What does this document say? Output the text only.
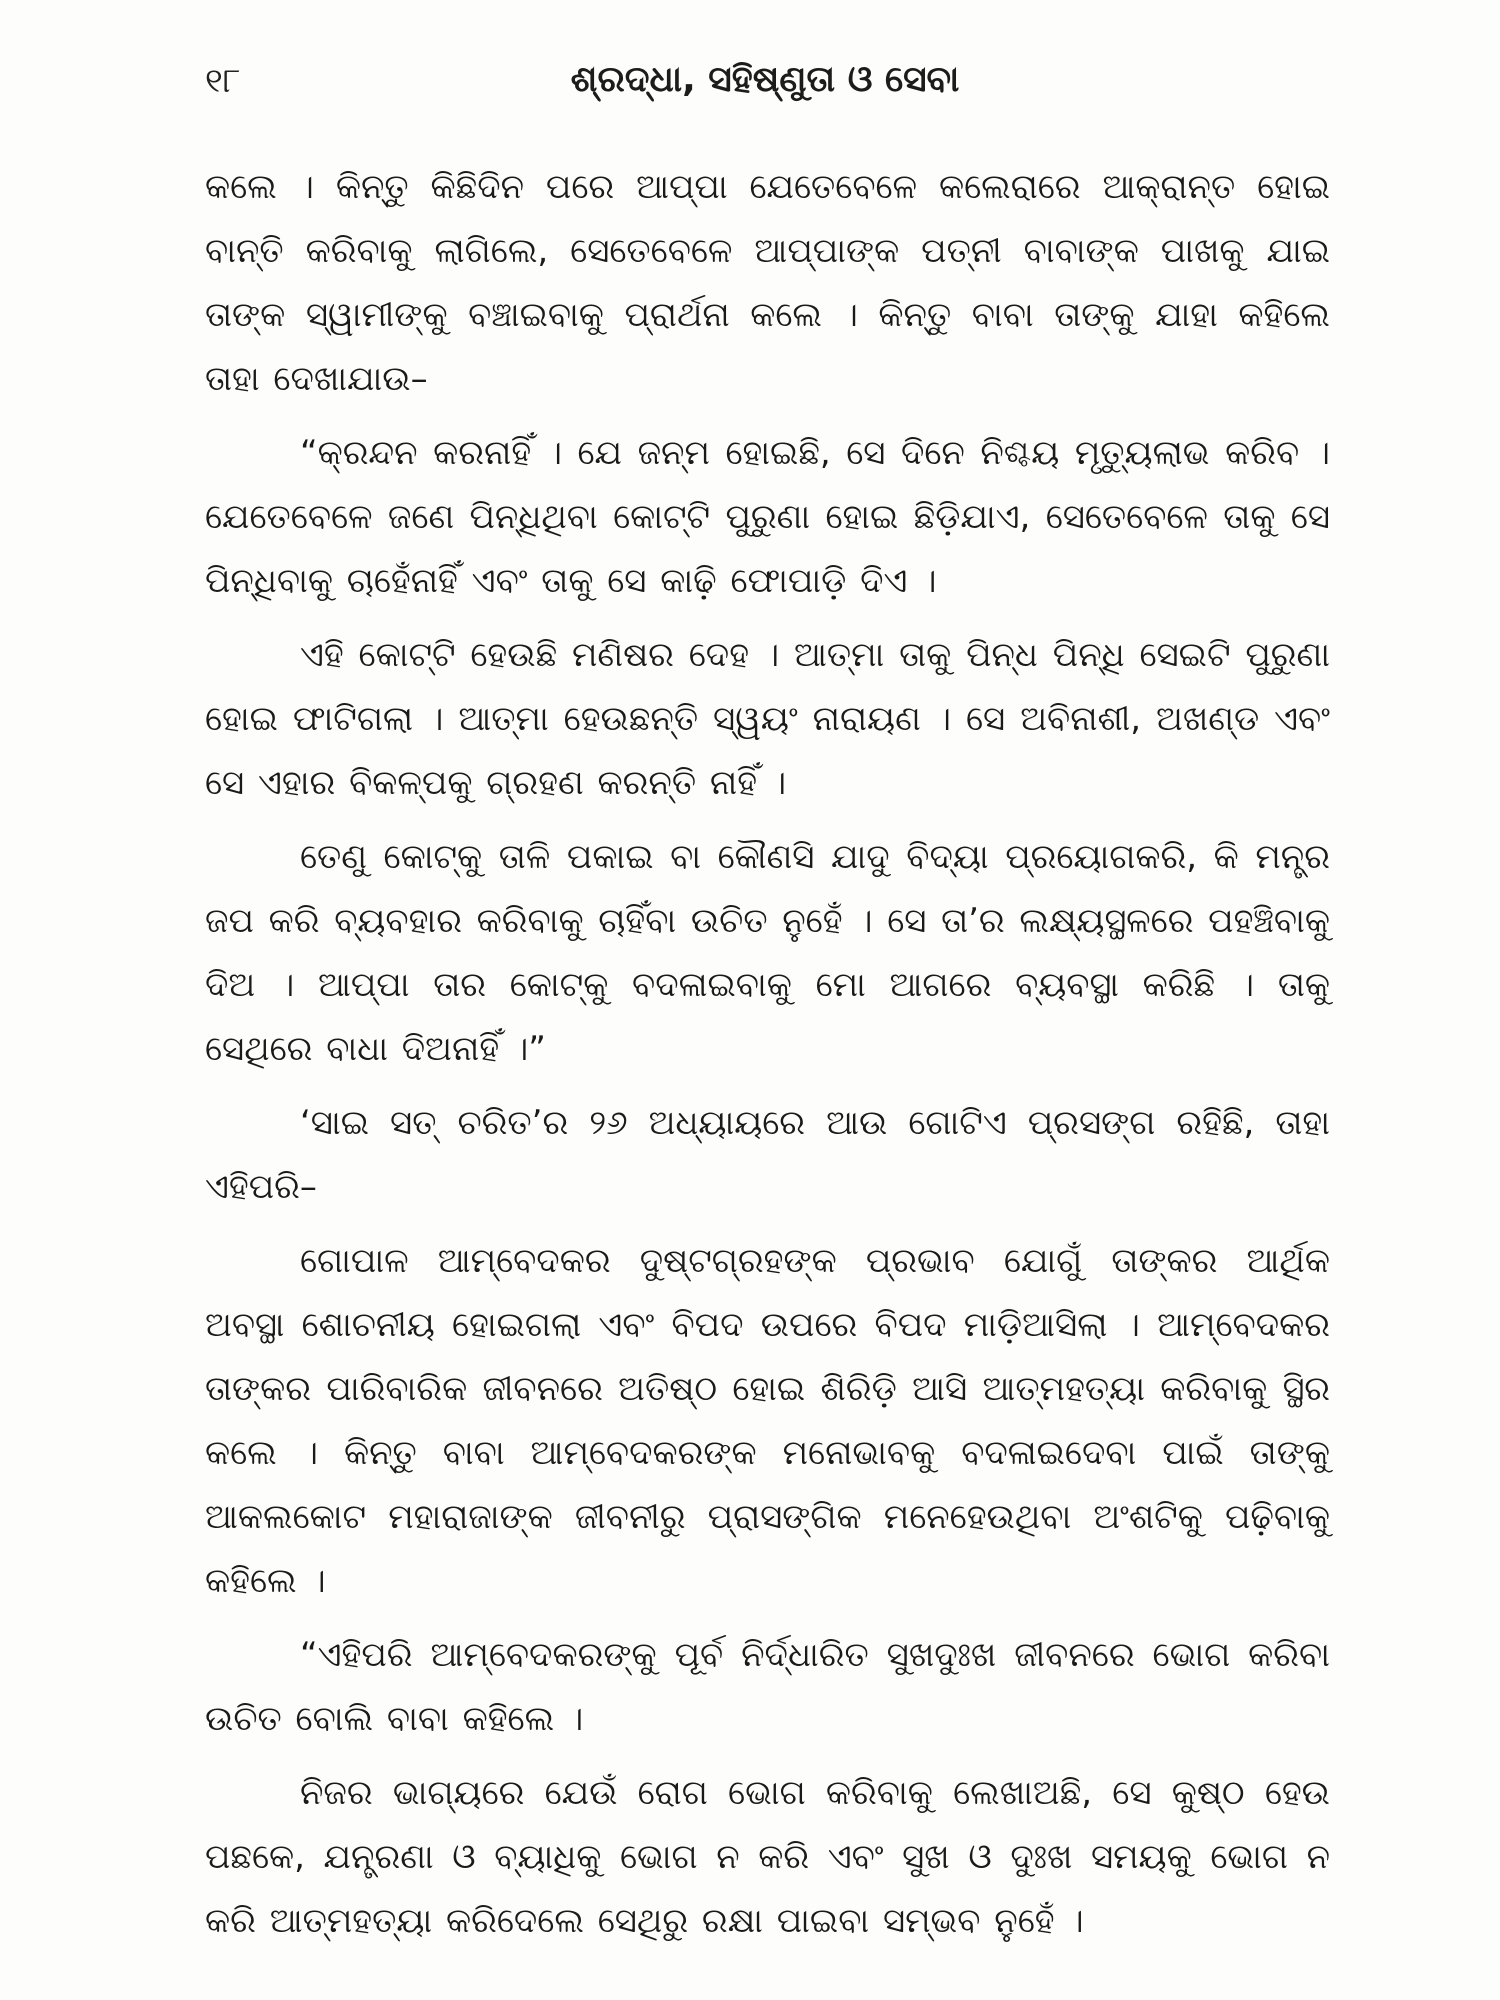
୧୮	ଶ୍ରଦ୍ଧା, ସହିଷ୍ଣୁତା ଓ ସେବା

କଲେ । କିନ୍ତୁ କିଛିଦିନ ପରେ ଆପ୍ପା ଯେତେବେଳେ କଲେରାରେ ଆକ୍ରାନ୍ତ ହୋଇ ବାନ୍ତି କରିବାକୁ ଲାଗିଲେ, ସେତେବେଳେ ଆପ୍ପାଙ୍କ ପତ୍ନୀ ବାବାଙ୍କ ପାଖକୁ ଯାଇ ତାଙ୍କ ସ୍ୱାମୀଙ୍କୁ ବଞ୍ଚାଇବାକୁ ପ୍ରାର୍ଥନା କଲେ । କିନ୍ତୁ ବାବା ତାଙ୍କୁ ଯାହା କହିଲେ ତାହା ଦେଖାଯାଉ–

“କ୍ରନ୍ଦନ କରନାହିଁ । ଯେ ଜନ୍ମ ହୋଇଛି, ସେ ଦିନେ ନିଶ୍ଚୟ ମୃତ୍ୟୁଲାଭ କରିବ । ଯେତେବେଳେ ଜଣେ ପିନ୍ଧିଥିବା କୋଟ୍‌ଟି ପୁରୁଣା ହୋଇ ଛିଡ଼ିଯାଏ, ସେତେବେଳେ ତାକୁ ସେ ପିନ୍ଧିବାକୁ ଚାହେଁନାହିଁ ଏବଂ ତାକୁ ସେ କାଢ଼ି ଫୋପାଡ଼ି ଦିଏ ।

ଏହି କୋଟ୍‌ଟି ହେଉଛି ମଣିଷର ଦେହ । ଆତ୍ମା ତାକୁ ପିନ୍ଧ ପିନ୍ଧି ସେଇଟି ପୁରୁଣା ହୋଇ ଫାଟିଗଲା । ଆତ୍ମା ହେଉଛନ୍ତି ସ୍ୱୟଂ ନାରାୟଣ । ସେ ଅବିନାଶୀ, ଅଖଣ୍ଡ ଏବଂ ସେ ଏହାର ବିକଳ୍ପକୁ ଗ୍ରହଣ କରନ୍ତି ନାହିଁ ।

ତେଣୁ କୋଟ୍‌କୁ ତାଳି ପକାଇ ବା କୌଣସି ଯାଦୁ ବିଦ୍ୟା ପ୍ରୟୋଗକରି, କି ମନ୍ତ୍ର ଜପ କରି ବ୍ୟବହାର କରିବାକୁ ଚାହିଁବା ଉଚିତ ନୁହେଁ । ସେ ତା’ର ଲକ୍ଷ୍ୟସ୍ଥଳରେ ପହଞ୍ଚିବାକୁ ଦିଅ । ଆପ୍ପା ତାର କୋଟ୍‌କୁ ବଦଳାଇବାକୁ ମୋ ଆଗରେ ବ୍ୟବସ୍ଥା କରିଛି । ତାକୁ ସେଥିରେ ବାଧା ଦିଅନାହିଁ ।”

‘ସାଇ ସତ୍ ଚରିତ’ର ୨୬ ଅଧ୍ୟାୟରେ ଆଉ ଗୋଟିଏ ପ୍ରସଙ୍ଗ ରହିଛି, ତାହା ଏହିପରି–

ଗୋପାଳ ଆମ୍ବେଦକର ଦୁଷ୍ଟଗ୍ରହଙ୍କ ପ୍ରଭାବ ଯୋଗୁଁ ତାଙ୍କର ଆର୍ଥିକ ଅବସ୍ଥା ଶୋଚନୀୟ ହୋଇଗଲା ଏବଂ ବିପଦ ଉପରେ ବିପଦ ମାଡ଼ିଆସିଲା । ଆମ୍ବେଦକର ତାଙ୍କର ପାରିବାରିକ ଜୀବନରେ ଅତିଷ୍ଠ ହୋଇ ଶିରିଡ଼ି ଆସି ଆତ୍ମହତ୍ୟା କରିବାକୁ ସ୍ଥିର କଲେ । କିନ୍ତୁ ବାବା ଆମ୍ବେଦକରଙ୍କ ମନୋଭାବକୁ ବଦଳାଇଦେବା ପାଇଁ ତାଙ୍କୁ ଆକଲକୋଟ ମହାରାଜାଙ୍କ ଜୀବନୀରୁ ପ୍ରାସଙ୍ଗିକ ମନେହେଉଥିବା ଅଂଶଟିକୁ ପଢ଼ିବାକୁ କହିଲେ ।

“ଏହିପରି ଆମ୍ବେଦକରଙ୍କୁ ପୂର୍ବ ନିର୍ଦ୍ଧାରିତ ସୁଖଦୁଃଖ ଜୀବନରେ ଭୋଗ କରିବା ଉଚିତ ବୋଲି ବାବା କହିଲେ ।

ନିଜର ଭାଗ୍ୟରେ ଯେଉଁ ରୋଗ ଭୋଗ କରିବାକୁ ଲେଖାଅଛି, ସେ କୁଷ୍ଠ ହେଉ ପଛକେ, ଯନ୍ତ୍ରଣା ଓ ବ୍ୟାଧିକୁ ଭୋଗ ନ କରି ଏବଂ ସୁଖ ଓ ଦୁଃଖ ସମୟକୁ ଭୋଗ ନ କରି ଆତ୍ମହତ୍ୟା କରିଦେଲେ ସେଥିରୁ ରକ୍ଷା ପାଇବା ସମ୍ଭବ ନୁହେଁ ।
